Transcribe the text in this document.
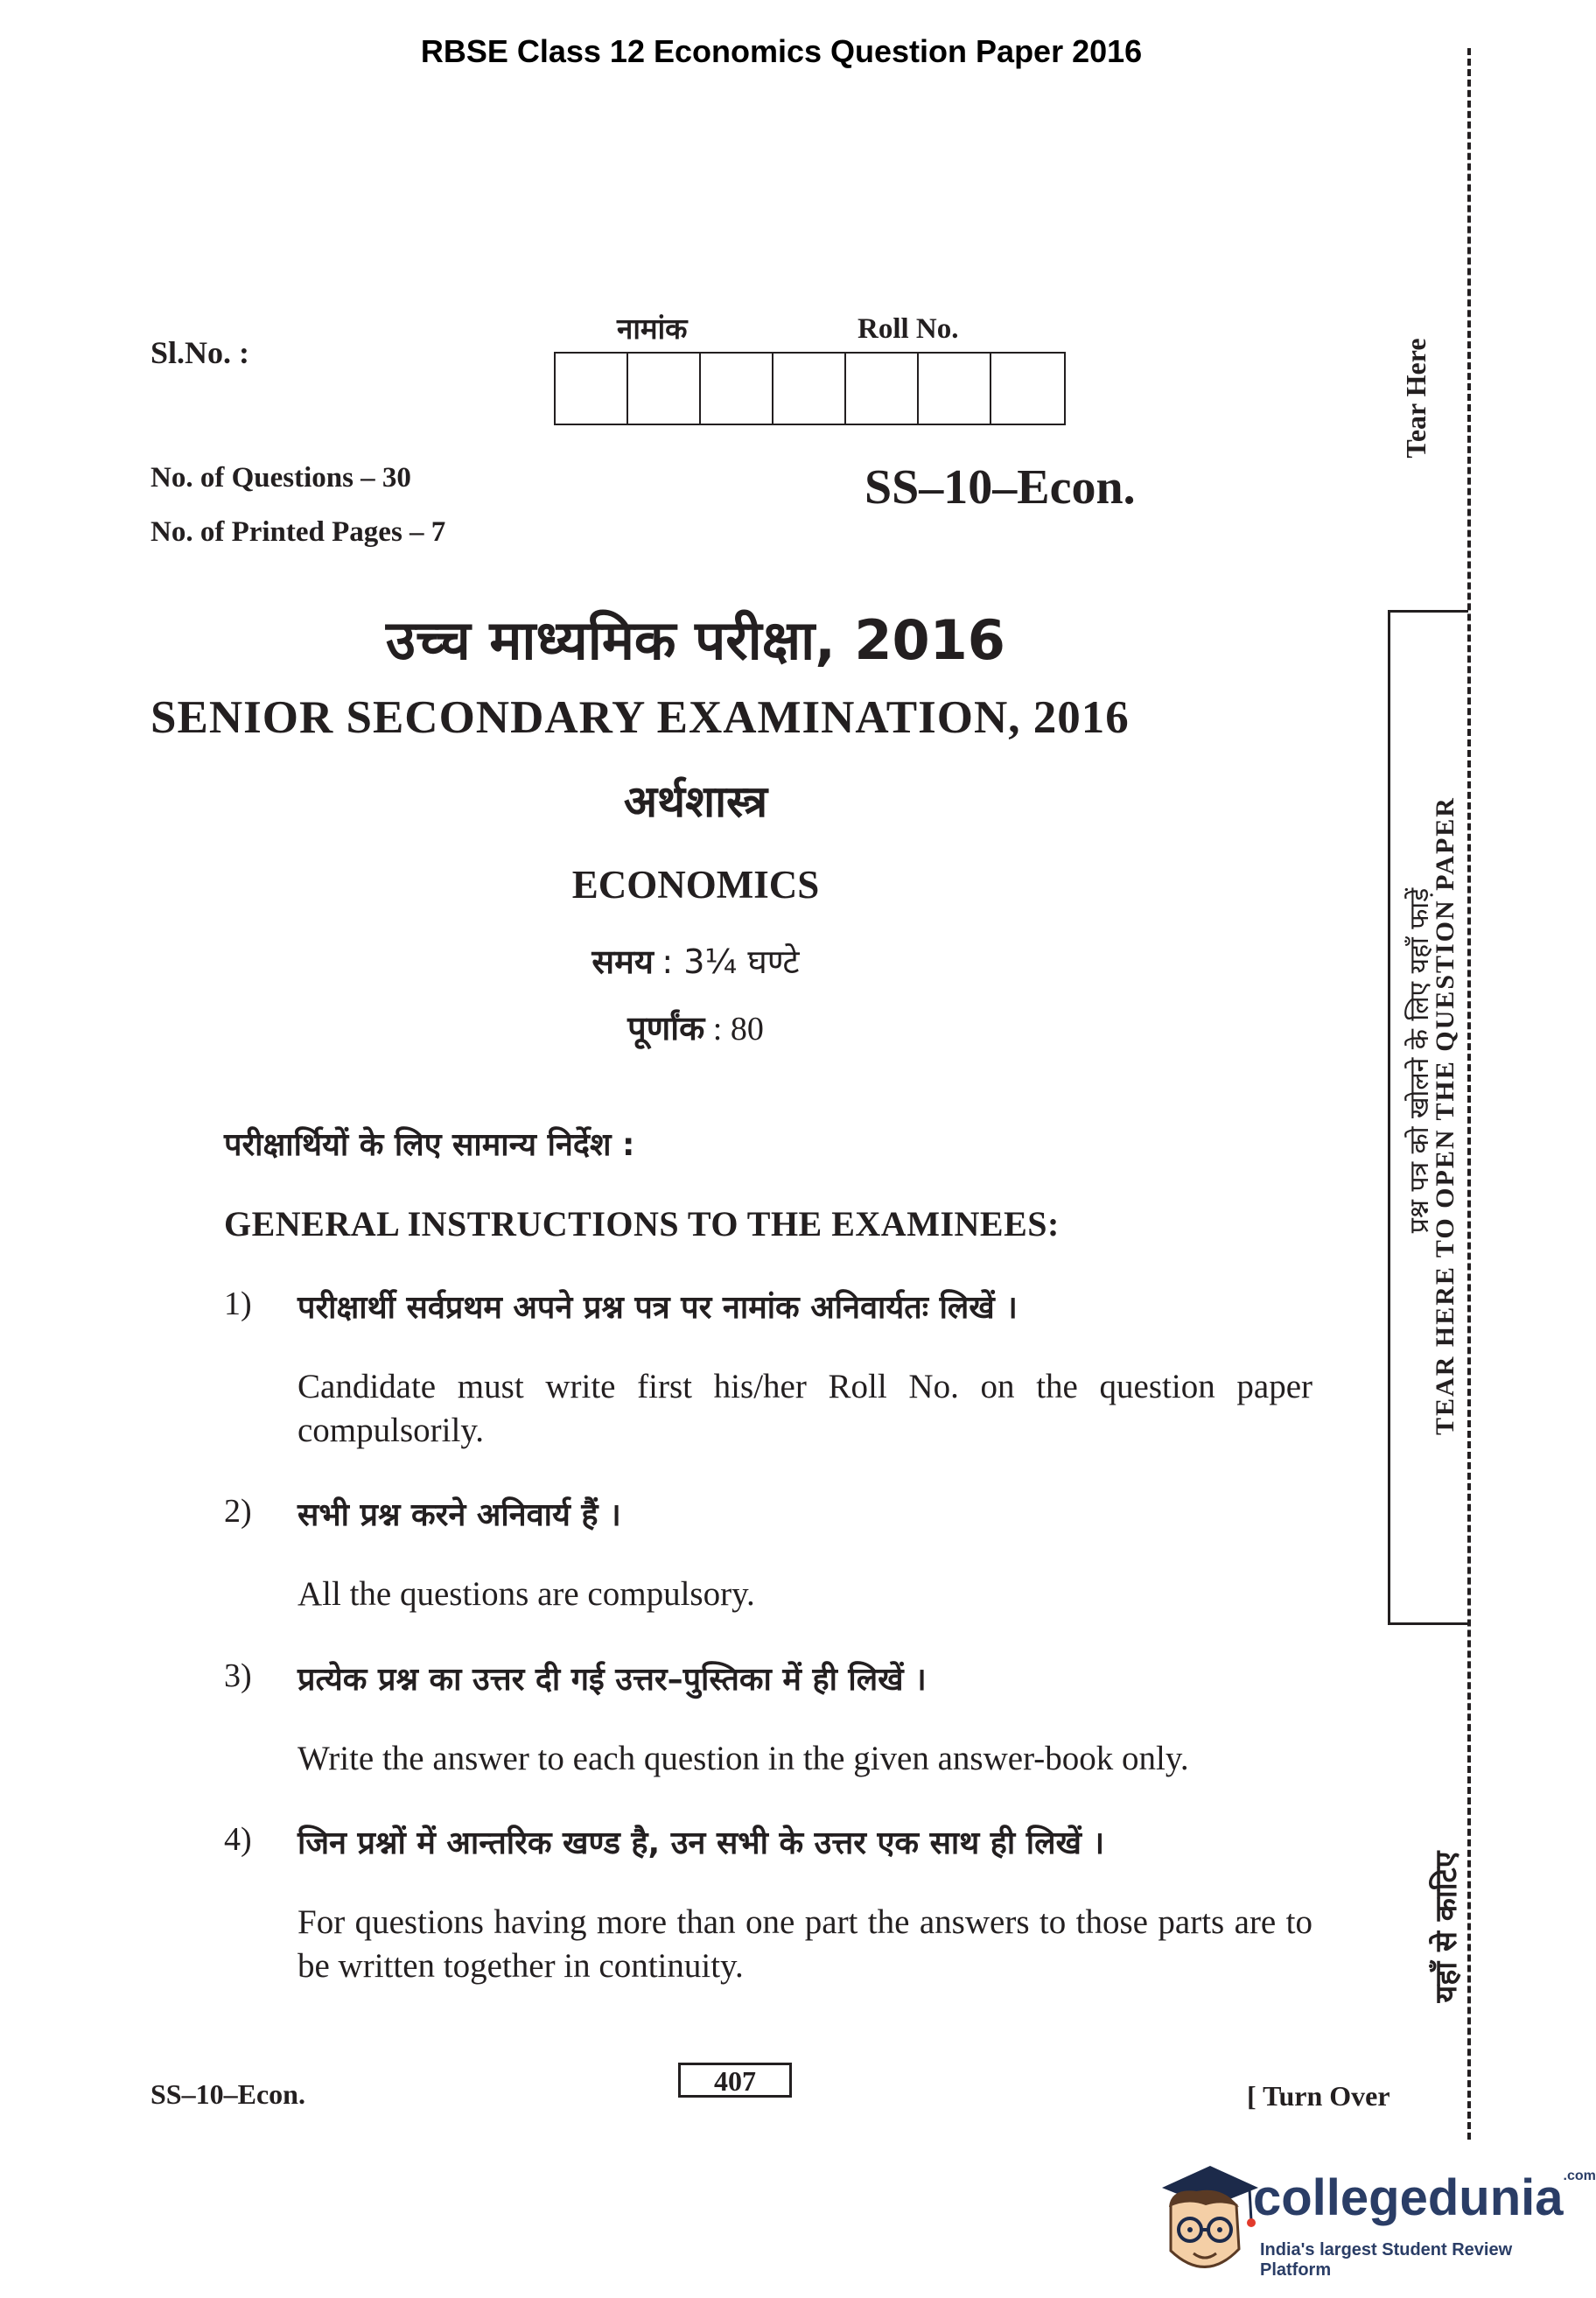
RBSE Class 12 Economics Question Paper 2016
Sl.No. :
नामांक	Roll No.
No. of Questions – 30
No. of Printed Pages – 7
SS–10–Econ.
उच्च माध्यमिक परीक्षा, 2016
SENIOR SECONDARY EXAMINATION, 2016
अर्थशास्त्र
ECONOMICS
समय : 3¼ घण्टे
पूर्णांक : 80
परीक्षार्थियों के लिए सामान्य निर्देश :
GENERAL INSTRUCTIONS TO THE EXAMINEES:
1) परीक्षार्थी सर्वप्रथम अपने प्रश्न पत्र पर नामांक अनिवार्यतः लिखें ।
Candidate must write first his/her Roll No. on the question paper compulsorily.
2) सभी प्रश्न करने अनिवार्य हैं ।
All the questions are compulsory.
3) प्रत्येक प्रश्न का उत्तर दी गई उत्तर–पुस्तिका में ही लिखें ।
Write the answer to each question in the given answer-book only.
4) जिन प्रश्नों में आन्तरिक खण्ड है, उन सभी के उत्तर एक साथ ही लिखें ।
For questions having more than one part the answers to those parts are to be written together in continuity.
Tear Here
प्रश्न पत्र को खोलने के लिए यहाँ फाड़ें
TEAR HERE TO OPEN THE QUESTION PAPER
यहाँ से काटिए
SS–10–Econ.	407	[ Turn Over
collegedunia$^{.com}$
India's largest Student Review Platform
